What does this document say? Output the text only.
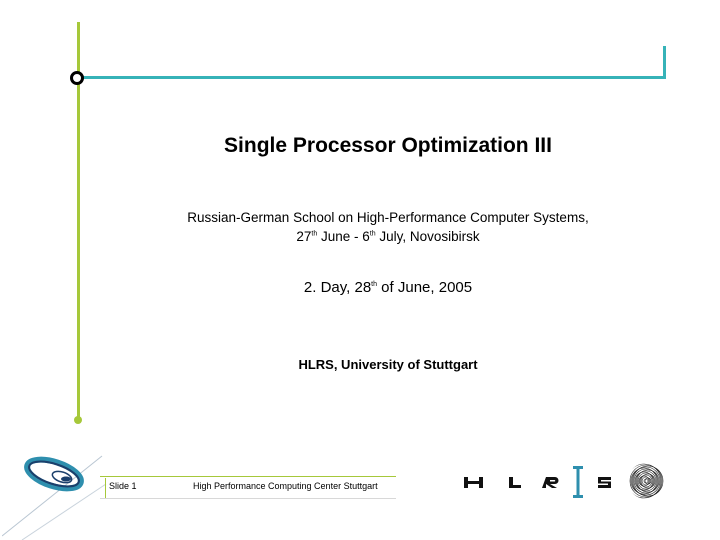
Single Processor Optimization III
Russian-German School on High-Performance Computer Systems,
27th June - 6th July, Novosibirsk
2. Day, 28th of June, 2005
HLRS, University of Stuttgart
Slide 1	High Performance Computing Center Stuttgart
